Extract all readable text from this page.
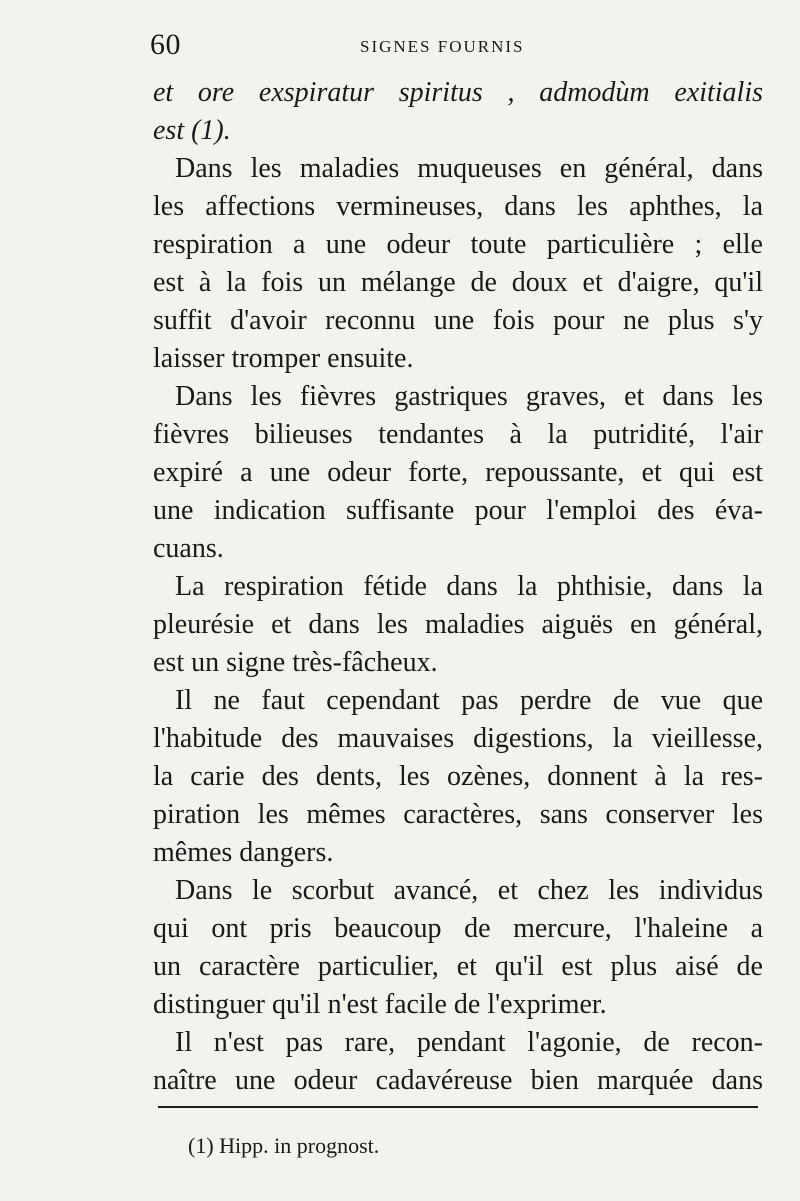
60	SIGNES FOURNIS
et ore exspiratur spiritus , admodùm exitialis
est (1).
Dans les maladies muqueuses en général, dans
les affections vermineuses, dans les aphthes, la
respiration a une odeur toute particulière ; elle
est à la fois un mélange de doux et d'aigre, qu'il
suffit d'avoir reconnu une fois pour ne plus s'y
laisser tromper ensuite.
Dans les fièvres gastriques graves, et dans les
fièvres bilieuses tendantes à la putridité, l'air
expiré a une odeur forte, repoussante, et qui est
une indication suffisante pour l'emploi des éva-
cuans.
La respiration fétide dans la phthisie, dans la
pleurésie et dans les maladies aiguës en général,
est un signe très-fâcheux.
Il ne faut cependant pas perdre de vue que
l'habitude des mauvaises digestions, la vieillesse,
la carie des dents, les ozènes, donnent à la res-
piration les mêmes caractères, sans conserver les
mêmes dangers.
Dans le scorbut avancé, et chez les individus
qui ont pris beaucoup de mercure, l'haleine a
un caractère particulier, et qu'il est plus aisé de
distinguer qu'il n'est facile de l'exprimer.
Il n'est pas rare, pendant l'agonie, de recon-
naître une odeur cadavéreuse bien marquée dans
(1) Hipp. in prognost.
